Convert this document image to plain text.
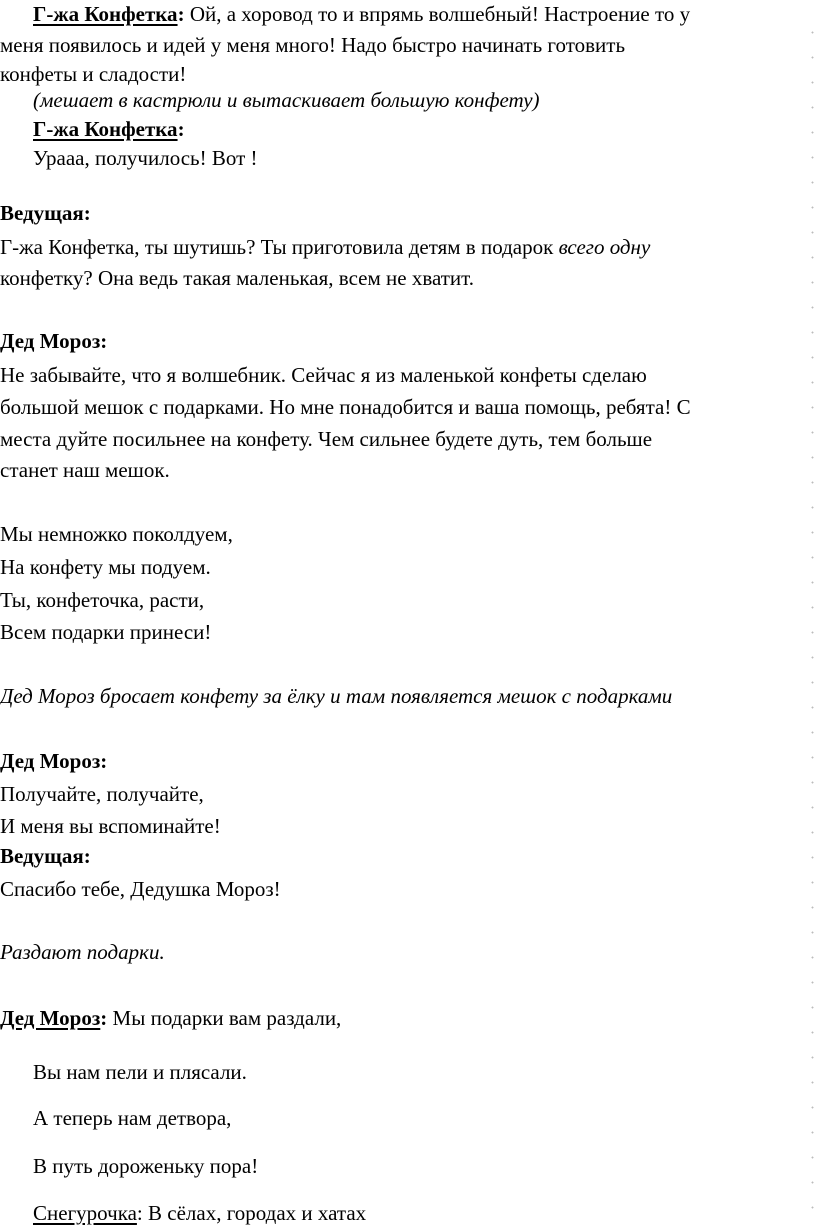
Г-жа Конфетка: Ой, а хоровод то и впрямь волшебный! Настроение то у
меня появилось и идей у меня много! Надо быстро начинать готовить
конфеты и сладости!
(мешает в кастрюли и вытаскивает большую конфету)
Г-жа Конфетка:
Урааа, получилось! Вот !
Ведущая:
Г-жа Конфетка, ты шутишь? Ты приготовила детям в подарок всего одну
конфетку? Она ведь такая маленькая, всем не хватит.
Дед Мороз:
Не забывайте, что я волшебник. Сейчас я из маленькой конфеты сделаю
большой мешок с подарками. Но мне понадобится и ваша помощь, ребята! С
места дуйте посильнее на конфету. Чем сильнее будете дуть, тем больше
станет наш мешок.
Мы немножко поколдуем,
На конфету мы подуем.
Ты, конфеточка, расти,
Всем подарки принеси!
Дед Мороз бросает конфету за ёлку и там появляется мешок с подарками
Дед Мороз:
Получайте, получайте,
И меня вы вспоминайте!
Ведущая:
Спасибо тебе, Дедушка Мороз!
Раздают подарки.
Дед Мороз: Мы подарки вам раздали,
Вы нам пели и плясали.
А теперь нам детвора,
В путь дороженьку пора!
Снегурочка: В сёлах, городах и хатах
